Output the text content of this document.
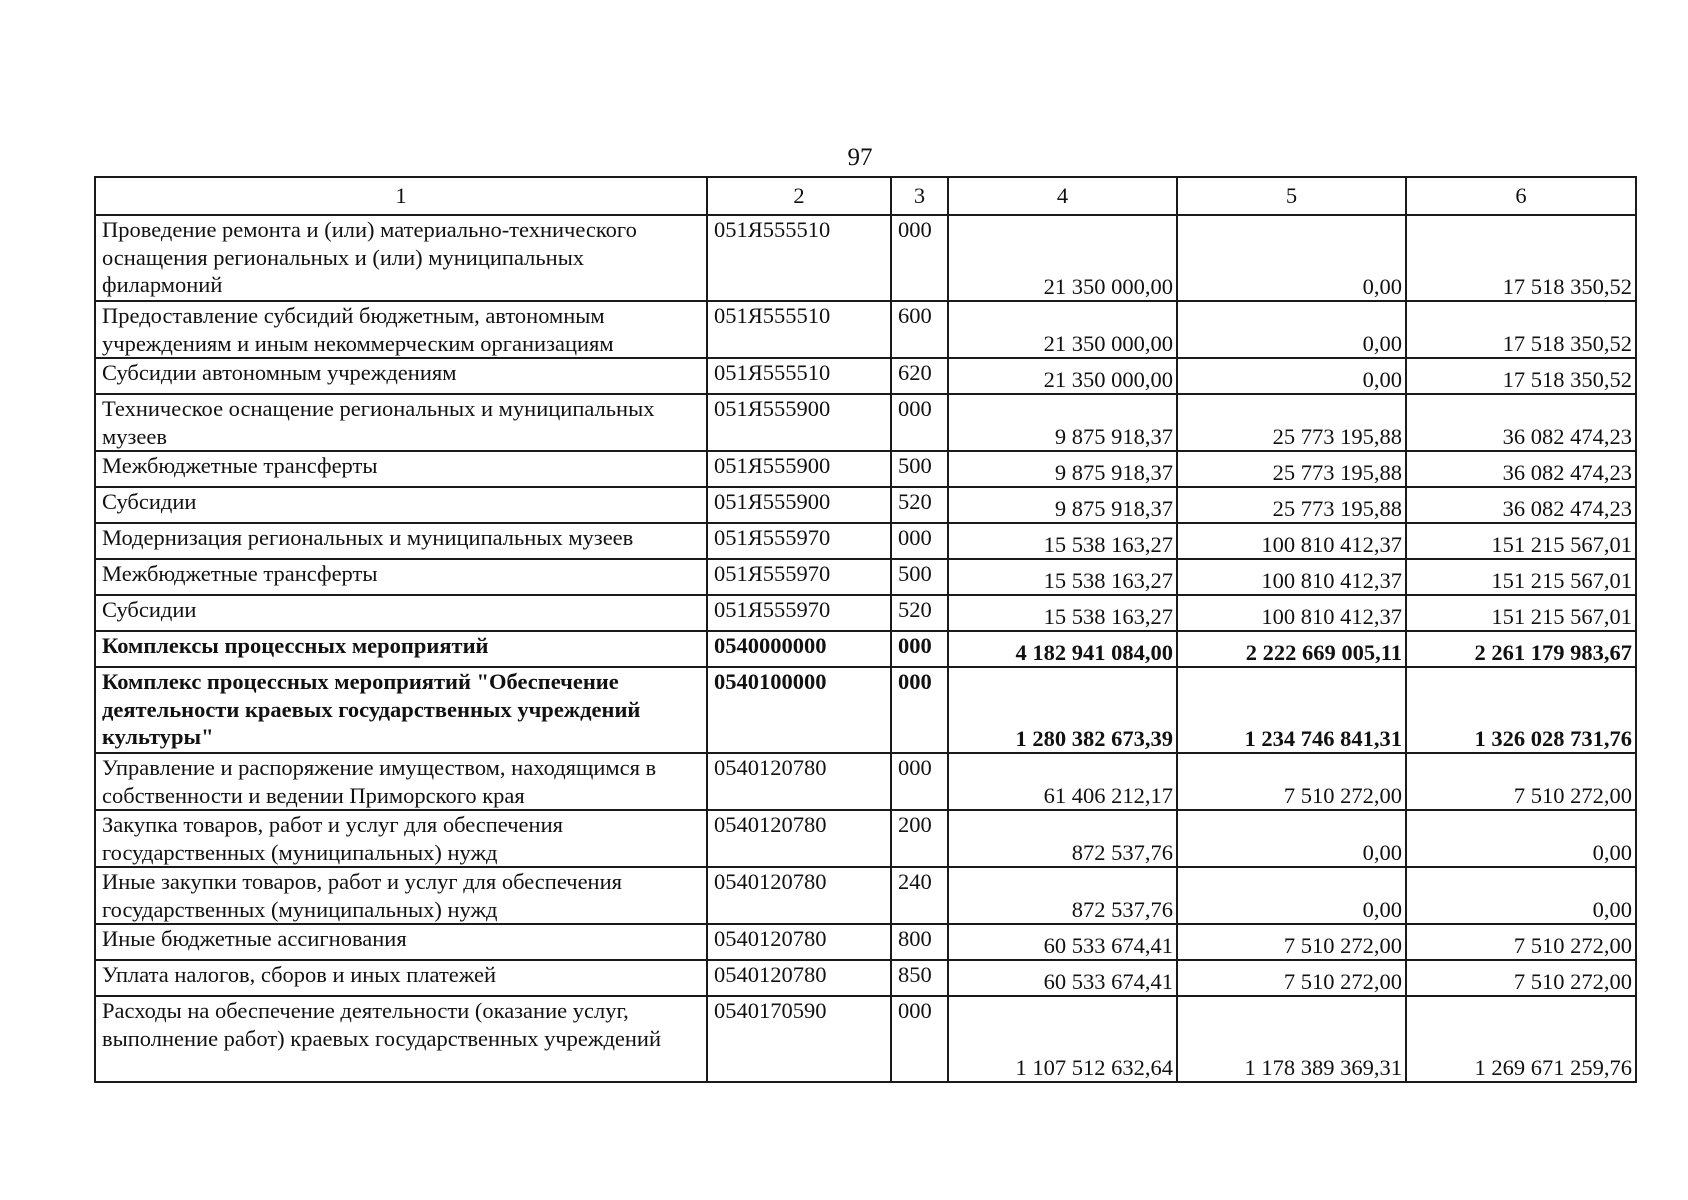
97
1	2	3	4	5	6
Проведение ремонта и (или) материально-технического оснащения региональных и (или) муниципальных филармоний	051Я555510	000	21 350 000,00	0,00	17 518 350,52
Предоставление субсидий бюджетным, автономным учреждениям и иным некоммерческим организациям	051Я555510	600	21 350 000,00	0,00	17 518 350,52
Субсидии автономным учреждениям	051Я555510	620	21 350 000,00	0,00	17 518 350,52
Техническое оснащение региональных и муниципальных музеев	051Я555900	000	9 875 918,37	25 773 195,88	36 082 474,23
Межбюджетные трансферты	051Я555900	500	9 875 918,37	25 773 195,88	36 082 474,23
Субсидии	051Я555900	520	9 875 918,37	25 773 195,88	36 082 474,23
Модернизация региональных и муниципальных музеев	051Я555970	000	15 538 163,27	100 810 412,37	151 215 567,01
Межбюджетные трансферты	051Я555970	500	15 538 163,27	100 810 412,37	151 215 567,01
Субсидии	051Я555970	520	15 538 163,27	100 810 412,37	151 215 567,01
Комплексы процессных мероприятий	0540000000	000	4 182 941 084,00	2 222 669 005,11	2 261 179 983,67
Комплекс процессных мероприятий "Обеспечение деятельности краевых государственных учреждений культуры"	0540100000	000	1 280 382 673,39	1 234 746 841,31	1 326 028 731,76
Управление и распоряжение имуществом, находящимся в собственности и ведении Приморского края	0540120780	000	61 406 212,17	7 510 272,00	7 510 272,00
Закупка товаров, работ и услуг для обеспечения государственных (муниципальных) нужд	0540120780	200	872 537,76	0,00	0,00
Иные закупки товаров, работ и услуг для обеспечения государственных (муниципальных) нужд	0540120780	240	872 537,76	0,00	0,00
Иные бюджетные ассигнования	0540120780	800	60 533 674,41	7 510 272,00	7 510 272,00
Уплата налогов, сборов и иных платежей	0540120780	850	60 533 674,41	7 510 272,00	7 510 272,00
Расходы на обеспечение деятельности (оказание услуг, выполнение работ) краевых государственных учреждений	0540170590	000	1 107 512 632,64	1 178 389 369,31	1 269 671 259,76
